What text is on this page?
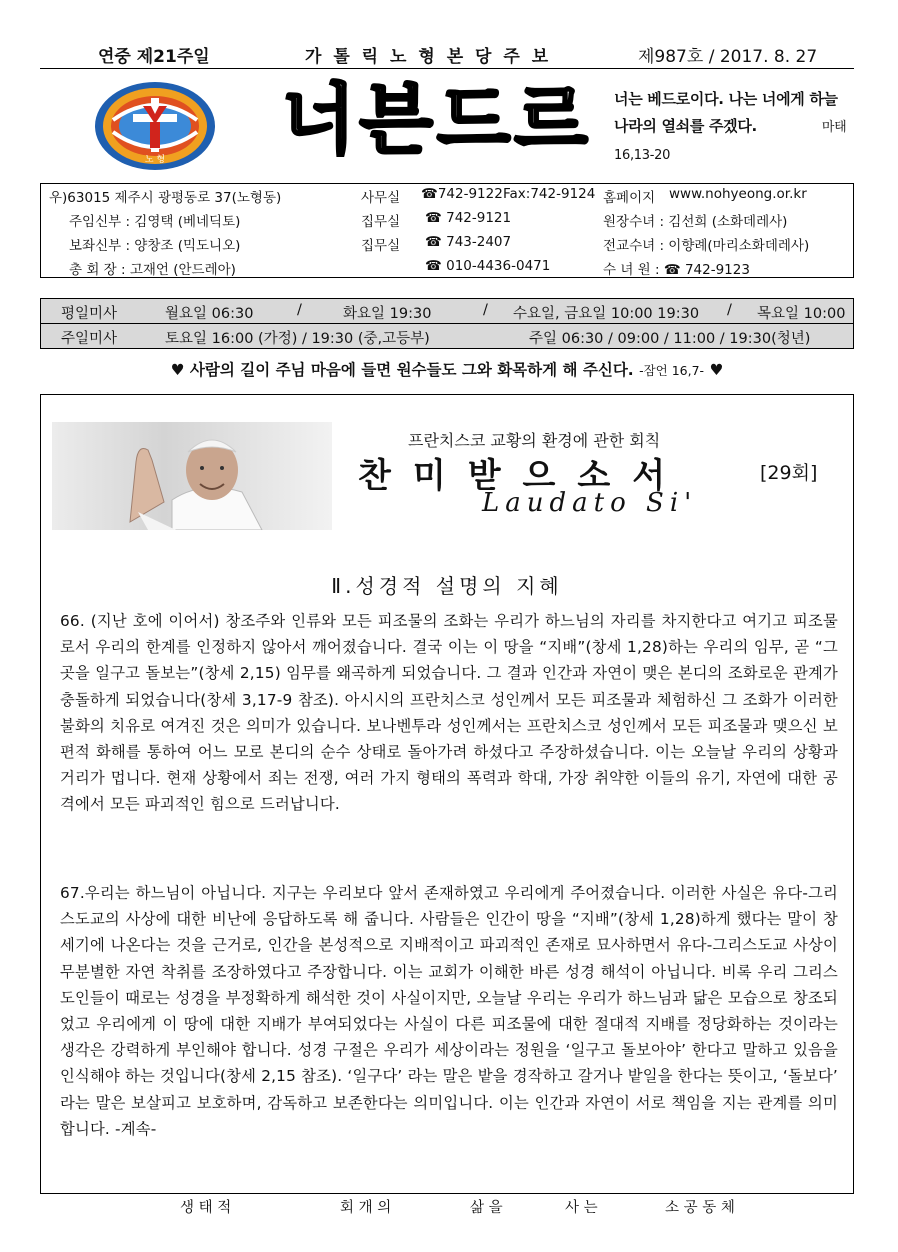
연중 제21주일	가 톨 릭 노 형 본 당 주 보	제987호 / 2017. 8. 27
노 형 너븐드르 너는 베드로이다. 나는 너에게 하늘 나라의 열쇠를 주겠다.	마태 16,13-20
우)63015 제주시 광평동로 37(노형동)	사무실 ☎742-9122 Fax:742-9124 홈페이지 www.nohyeong.or.kr
주임신부 : 김영택 (베네딕토)	집무실 ☎ 742-9121	원장수녀 : 김선희 (소화데레사)
보좌신부 : 양창조 (믹도니오)	집무실 ☎ 743-2407	전교수녀 : 이향례(마리소화데레사)
총 회 장 : 고재언 (안드레아)	☎ 010-4436-0471	수 녀 원 : ☎ 742-9123
평일미사	월요일 06:30	/	화요일 19:30	/ 수요일, 금요일 10:00 19:30 / 목요일 10:00
주일미사	토요일 16:00 (가정) / 19:30 (중,고등부)	주일 06:30 / 09:00 / 11:00 / 19:30(청년)
♥ 사람의 길이 주님 마음에 들면 원수들도 그와 화목하게 해 주신다. -잠언 16,7- ♥
프란치스코 교황의 환경에 관한 회칙
찬미받으소서	[29회]
Laudato Si'
Ⅱ.성경적 설명의 지혜
66. (지난 호에 이어서) 창조주와 인류와 모든 피조물의 조화는 우리가 하느님의 자리를 차지한다고 여기고 피조물로서 우리의 한계를 인정하지 않아서 깨어졌습니다. 결국 이는 이 땅을 “지배”(창세 1,28)하는 우리의 임무, 곧 “그곳을 일구고 돌보는”(창세 2,15) 임무를 왜곡하게 되었습니다. 그 결과 인간과 자연이 맺은 본디의 조화로운 관계가 충돌하게 되었습니다(창세 3,17-9 참조). 아시시의 프란치스코 성인께서 모든 피조물과 체험하신 그 조화가 이러한 불화의 치유로 여겨진 것은 의미가 있습니다. 보나벤투라 성인께서는 프란치스코 성인께서 모든 피조물과 맺으신 보편적 화해를 통하여 어느 모로 본디의 순수 상태로 돌아가려 하셨다고 주장하셨습니다. 이는 오늘날 우리의 상황과 거리가 멉니다. 현재 상황에서 죄는 전쟁, 여러 가지 형태의 폭력과 학대, 가장 취약한 이들의 유기, 자연에 대한 공격에서 모든 파괴적인 힘으로 드러납니다.
67.우리는 하느님이 아닙니다. 지구는 우리보다 앞서 존재하였고 우리에게 주어졌습니다. 이러한 사실은 유다-그리스도교의 사상에 대한 비난에 응답하도록 해 줍니다. 사람들은 인간이 땅을 “지배”(창세 1,28)하게 했다는 말이 창세기에 나온다는 것을 근거로, 인간을 본성적으로 지배적이고 파괴적인 존재로 묘사하면서 유다-그리스도교 사상이 무분별한 자연 착취를 조장하였다고 주장합니다. 이는 교회가 이해한 바른 성경 해석이 아닙니다. 비록 우리 그리스도인들이 때로는 성경을 부정확하게 해석한 것이 사실이지만, 오늘날 우리는 우리가 하느님과 닮은 모습으로 창조되었고 우리에게 이 땅에 대한 지배가 부여되었다는 사실이 다른 피조물에 대한 절대적 지배를 정당화하는 것이라는 생각은 강력하게 부인해야 합니다. 성경 구절은 우리가 세상이라는 정원을 ‘일구고 돌보아야’ 한다고 말하고 있음을 인식해야 하는 것입니다(창세 2,15 참조). ‘일구다’ 라는 말은 밭을 경작하고 갈거나 밭일을 한다는 뜻이고, ‘돌보다’ 라는 말은 보살피고 보호하며, 감독하고 보존한다는 의미입니다. 이는 인간과 자연이 서로 책임을 지는 관계를 의미합니다. -계속-
생 태 적	회 개 의	삶 을	사 는	소 공 동 체
